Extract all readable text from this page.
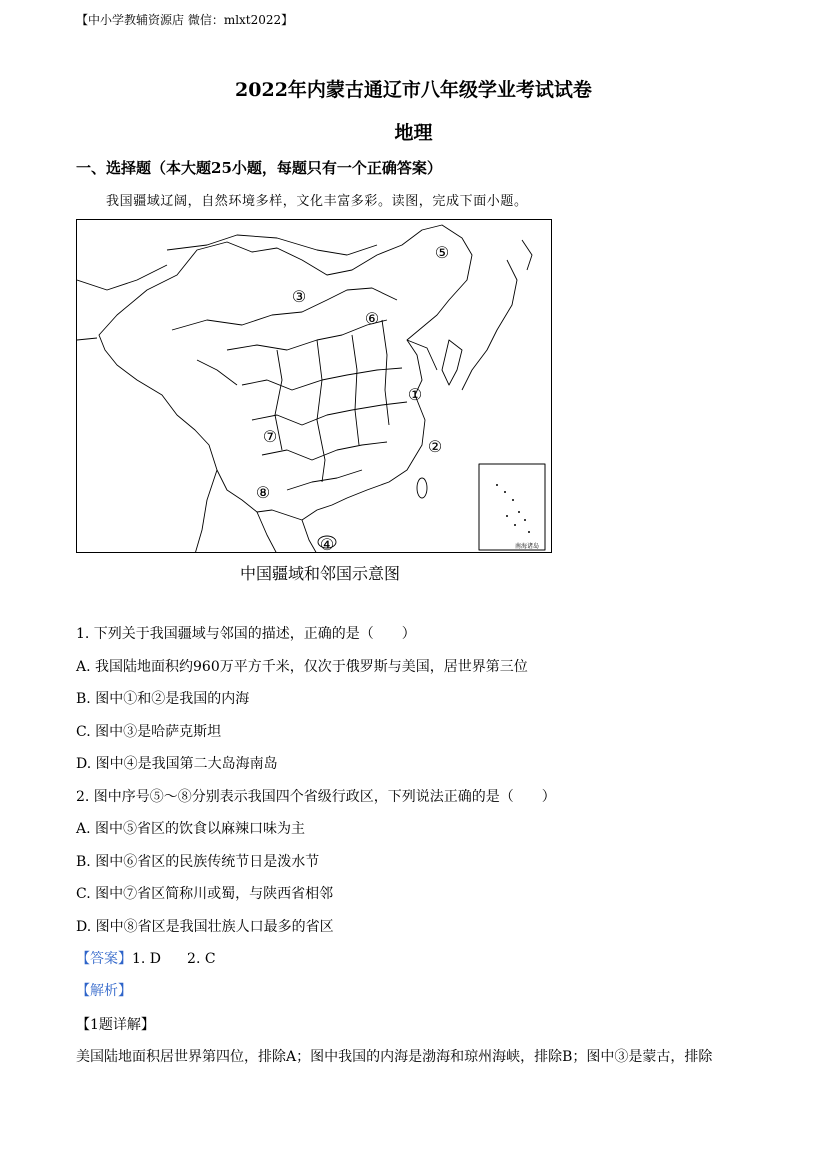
【中小学教辅资源店 微信：mlxt2022】
2022年内蒙古通辽市八年级学业考试试卷
地理
一、选择题（本大题25小题，每题只有一个正确答案）
我国疆域辽阔，自然环境多样，文化丰富多彩。读图，完成下面小题。
③
⑤
⑥
①
②
⑦
⑧
④	南海诸岛
中国疆域和邻国示意图
1. 下列关于我国疆域与邻国的描述，正确的是（　　）
A. 我国陆地面积约960万平方千米，仅次于俄罗斯与美国，居世界第三位
B. 图中①和②是我国的内海
C. 图中③是哈萨克斯坦
D. 图中④是我国第二大岛海南岛
2. 图中序号⑤～⑧分别表示我国四个省级行政区，下列说法正确的是（　　）
A. 图中⑤省区的饮食以麻辣口味为主
B. 图中⑥省区的民族传统节日是泼水节
C. 图中⑦省区简称川或蜀，与陕西省相邻
D. 图中⑧省区是我国壮族人口最多的省区
【答案】1. D 2. C
【解析】
【1题详解】
美国陆地面积居世界第四位，排除A；图中我国的内海是渤海和琼州海峡，排除B；图中③是蒙古，排除
